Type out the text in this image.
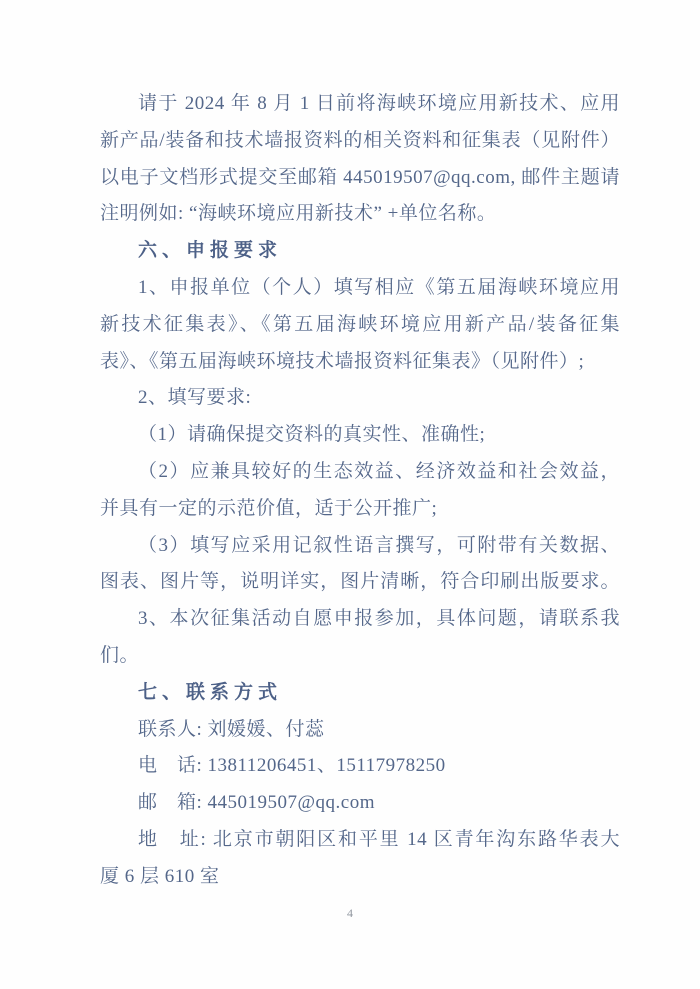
请于 2024 年 8 月 1 日前将海峡环境应用新技术、应用
新产品/装备和技术墙报资料的相关资料和征集表（见附件）
以电子文档形式提交至邮箱 445019507@qq.com, 邮件主题请
注明例如: “海峡环境应用新技术” +单位名称。
六、申报要求
1、申报单位（个人）填写相应《第五届海峡环境应用
新技术征集表》、《第五届海峡环境应用新产品/装备征集
表》、《第五届海峡环境技术墙报资料征集表》（见附件）;
2、填写要求:
（1）请确保提交资料的真实性、准确性;
（2）应兼具较好的生态效益、经济效益和社会效益，
并具有一定的示范价值，适于公开推广;
（3）填写应采用记叙性语言撰写，可附带有关数据、
图表、图片等，说明详实，图片清晰，符合印刷出版要求。
3、本次征集活动自愿申报参加，具体问题，请联系我
们。
七、联系方式
联系人: 刘媛媛、付蕊
电　话: 13811206451、15117978250
邮　箱: 445019507@qq.com
地　址: 北京市朝阳区和平里 14 区青年沟东路华表大
厦 6 层 610 室
4
